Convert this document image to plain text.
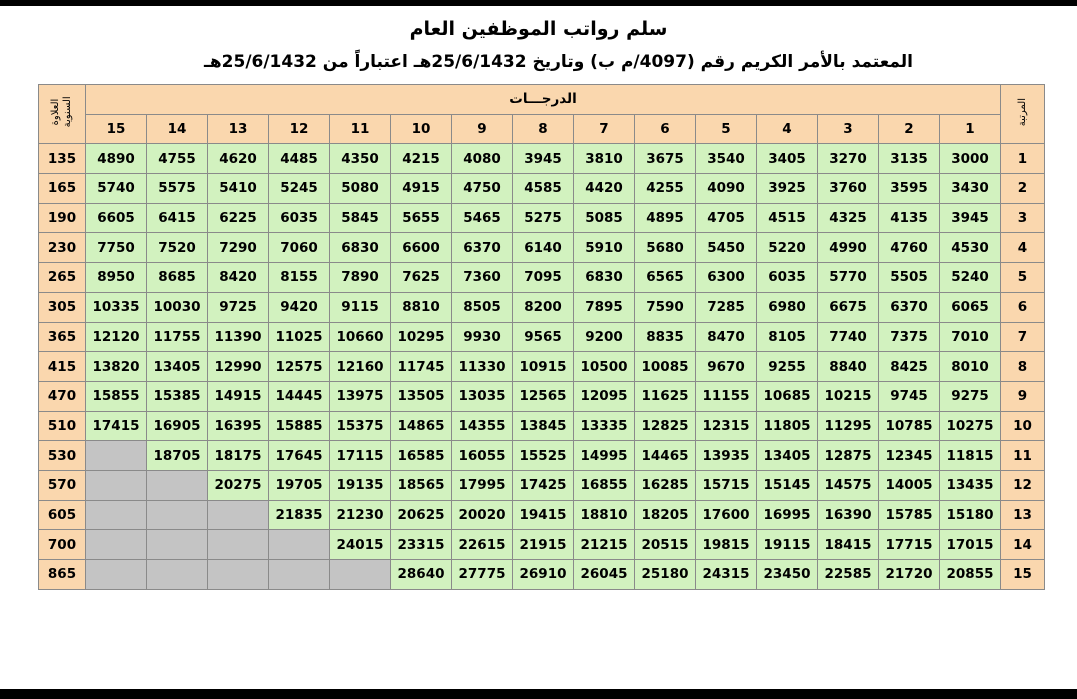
سلم رواتب الموظفين العام
المعتمد بالأمر الكريم رقم (4097/م ب) وتاريخ 25/6/1432هـ اعتباراً من 25/6/1432هـ
العلاوة السنوية	الدرجـــات															المرتبة
	15	14	13	12	11	10	9	8	7	6	5	4	3	2	1	
135	4890	4755	4620	4485	4350	4215	4080	3945	3810	3675	3540	3405	3270	3135	3000	1
165	5740	5575	5410	5245	5080	4915	4750	4585	4420	4255	4090	3925	3760	3595	3430	2
190	6605	6415	6225	6035	5845	5655	5465	5275	5085	4895	4705	4515	4325	4135	3945	3
230	7750	7520	7290	7060	6830	6600	6370	6140	5910	5680	5450	5220	4990	4760	4530	4
265	8950	8685	8420	8155	7890	7625	7360	7095	6830	6565	6300	6035	5770	5505	5240	5
305	10335	10030	9725	9420	9115	8810	8505	8200	7895	7590	7285	6980	6675	6370	6065	6
365	12120	11755	11390	11025	10660	10295	9930	9565	9200	8835	8470	8105	7740	7375	7010	7
415	13820	13405	12990	12575	12160	11745	11330	10915	10500	10085	9670	9255	8840	8425	8010	8
470	15855	15385	14915	14445	13975	13505	13035	12565	12095	11625	11155	10685	10215	9745	9275	9
510	17415	16905	16395	15885	15375	14865	14355	13845	13335	12825	12315	11805	11295	10785	10275	10
530		18705	18175	17645	17115	16585	16055	15525	14995	14465	13935	13405	12875	12345	11815	11
570			20275	19705	19135	18565	17995	17425	16855	16285	15715	15145	14575	14005	13435	12
605				21835	21230	20625	20020	19415	18810	18205	17600	16995	16390	15785	15180	13
700					24015	23315	22615	21915	21215	20515	19815	19115	18415	17715	17015	14
865						28640	27775	26910	26045	25180	24315	23450	22585	21720	20855	15
